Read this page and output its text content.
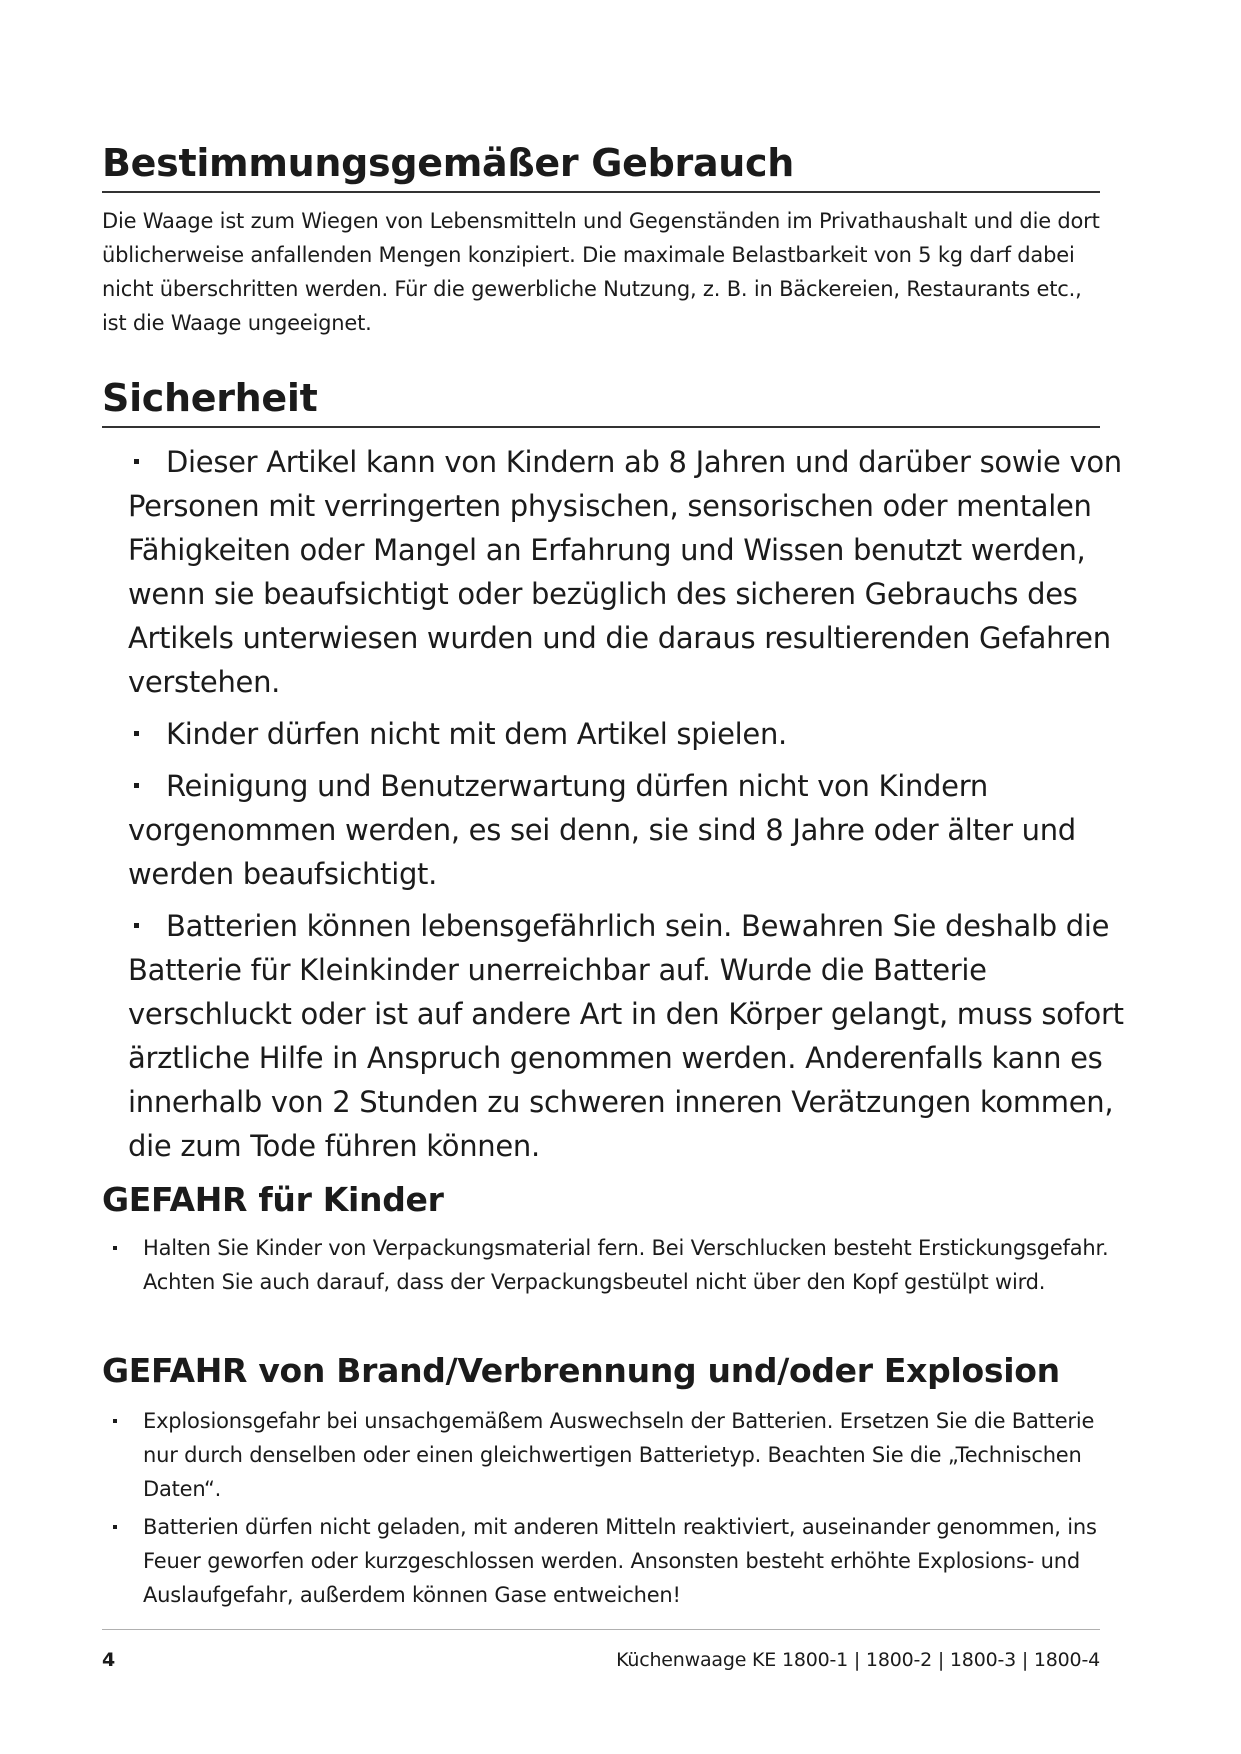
Bestimmungsgemäßer Gebrauch

Die Waage ist zum Wiegen von Lebensmitteln und Gegenständen im Privathaushalt und die dort üblicherweise anfallenden Mengen konzipiert. Die maximale Belastbarkeit von 5 kg darf dabei nicht überschritten werden. Für die gewerbliche Nutzung, z. B. in Bäckereien, Restaurants etc., ist die Waage ungeeignet.

Sicherheit
Dieser Artikel kann von Kindern ab 8 Jahren und darüber sowie von Personen mit verringerten physischen, sensorischen oder mentalen Fähigkeiten oder Mangel an Erfahrung und Wissen benutzt werden, wenn sie beaufsichtigt oder bezüglich des sicheren Gebrauchs des Artikels unterwiesen wurden und die daraus resultierenden Gefahren verstehen.
Kinder dürfen nicht mit dem Artikel spielen.
Reinigung und Benutzerwartung dürfen nicht von Kindern vorgenommen werden, es sei denn, sie sind 8 Jahre oder älter und werden beaufsichtigt.
Batterien können lebensgefährlich sein. Bewahren Sie deshalb die Batterie für Kleinkinder unerreichbar auf. Wurde die Batterie verschluckt oder ist auf andere Art in den Körper gelangt, muss sofort ärztliche Hilfe in Anspruch genommen werden. Anderenfalls kann es innerhalb von 2 Stunden zu schweren inneren Verätzungen kommen, die zum Tode führen können.
GEFAHR für Kinder
Halten Sie Kinder von Verpackungsmaterial fern. Bei Verschlucken besteht Erstickungsgefahr. Achten Sie auch darauf, dass der Verpackungsbeutel nicht über den Kopf gestülpt wird.
GEFAHR von Brand/Verbrennung und/oder Explosion
Explosionsgefahr bei unsachgemäßem Auswechseln der Batterien. Ersetzen Sie die Batterie nur durch denselben oder einen gleichwertigen Batterietyp. Beachten Sie die „Technischen Daten“.
Batterien dürfen nicht geladen, mit anderen Mitteln reaktiviert, auseinander genommen, ins Feuer geworfen oder kurzgeschlossen werden. Ansonsten besteht erhöhte Explosions- und Auslaufgefahr, außerdem können Gase entweichen!
4	Küchenwaage KE 1800-1 | 1800-2 | 1800-3 | 1800-4
